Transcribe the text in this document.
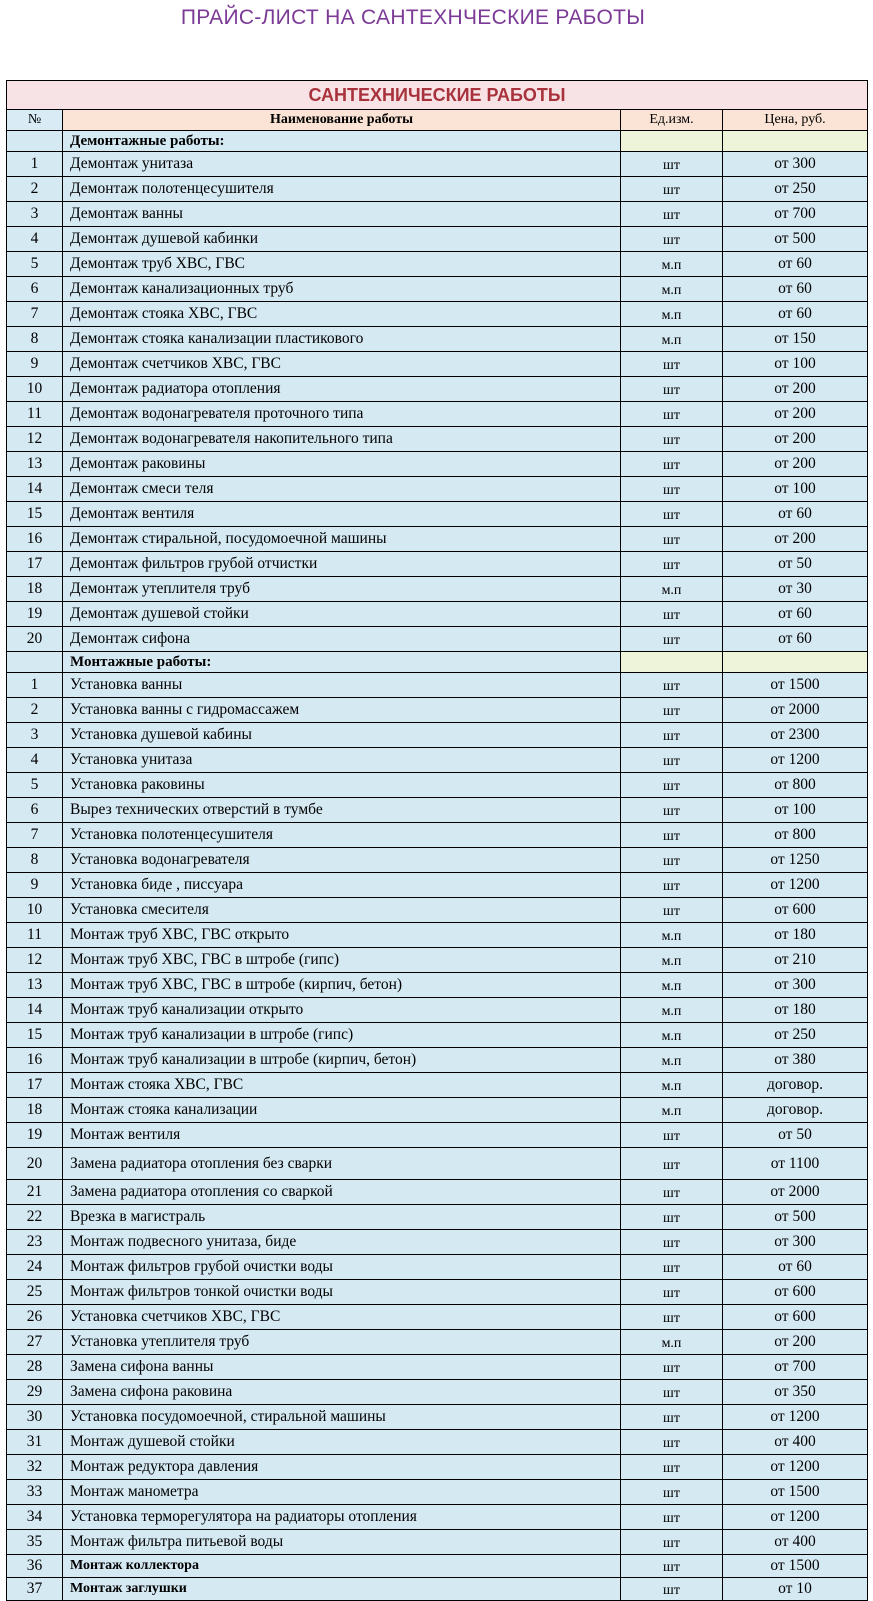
ПРАЙС-ЛИСТ НА САНТЕХНЧЕСКИЕ РАБОТЫ
САНТЕХНИЧЕСКИЕ РАБОТЫ			
№	Наименование работы	Ед.изм.	Цена, руб.
	Демонтажные работы:		
1	Демонтаж унитаза	шт	от 300
2	Демонтаж полотенцесушителя	шт	от 250
3	Демонтаж ванны	шт	от 700
4	Демонтаж душевой кабинки	шт	от 500
5	Демонтаж труб ХВС, ГВС	м.п	от 60
6	Демонтаж канализационных труб	м.п	от 60
7	Демонтаж стояка ХВС, ГВС	м.п	от 60
8	Демонтаж стояка канализации пластикового	м.п	от 150
9	Демонтаж счетчиков ХВС, ГВС	шт	от 100
10	Демонтаж радиатора отопления	шт	от 200
11	Демонтаж водонагревателя проточного типа	шт	от 200
12	Демонтаж водонагревателя накопительного типа	шт	от 200
13	Демонтаж раковины	шт	от 200
14	Демонтаж смеси теля	шт	от 100
15	Демонтаж вентиля	шт	от 60
16	Демонтаж стиральной, посудомоечной машины	шт	от 200
17	Демонтаж фильтров грубой отчистки	шт	от 50
18	Демонтаж утеплителя труб	м.п	от 30
19	Демонтаж душевой стойки	шт	от 60
20	Демонтаж сифона	шт	от 60
	Монтажные работы:		
1	Установка ванны	шт	от 1500
2	Установка ванны с гидромассажем	шт	от 2000
3	Установка душевой кабины	шт	от 2300
4	Установка унитаза	шт	от 1200
5	Установка раковины	шт	от 800
6	Вырез технических отверстий в тумбе	шт	от 100
7	Установка полотенцесушителя	шт	от 800
8	Установка водонагревателя	шт	от 1250
9	Установка биде , писсуара	шт	от 1200
10	Установка смесителя	шт	от 600
11	Монтаж труб ХВС, ГВС открыто	м.п	от 180
12	Монтаж труб ХВС, ГВС в штробе (гипс)	м.п	от 210
13	Монтаж труб ХВС, ГВС в штробе (кирпич, бетон)	м.п	от 300
14	Монтаж труб канализации открыто	м.п	от 180
15	Монтаж труб канализации в штробе (гипс)	м.п	от 250
16	Монтаж труб канализации в штробе (кирпич, бетон)	м.п	от 380
17	Монтаж стояка ХВС, ГВС	м.п	договор.
18	Монтаж стояка канализации	м.п	договор.
19	Монтаж вентиля	шт	от 50
20	Замена радиатора отопления без сварки	шт	от 1100
21	Замена радиатора отопления со сваркой	шт	от 2000
22	Врезка в магистраль	шт	от 500
23	Монтаж подвесного унитаза, биде	шт	от 300
24	Монтаж фильтров грубой очистки воды	шт	от 60
25	Монтаж фильтров тонкой очистки воды	шт	от 600
26	Установка счетчиков ХВС, ГВС	шт	от 600
27	Установка утеплителя труб	м.п	от 200
28	Замена сифона ванны	шт	от 700
29	Замена сифона раковина	шт	от 350
30	Установка посудомоечной, стиральной машины	шт	от 1200
31	Монтаж душевой стойки	шт	от 400
32	Монтаж редуктора давления	шт	от 1200
33	Монтаж манометра	шт	от 1500
34	Установка терморегулятора на радиаторы отопления	шт	от 1200
35	Монтаж фильтра питьевой воды	шт	от 400
36	Монтаж коллектора	шт	от 1500
37	Монтаж заглушки	шт	от 10
